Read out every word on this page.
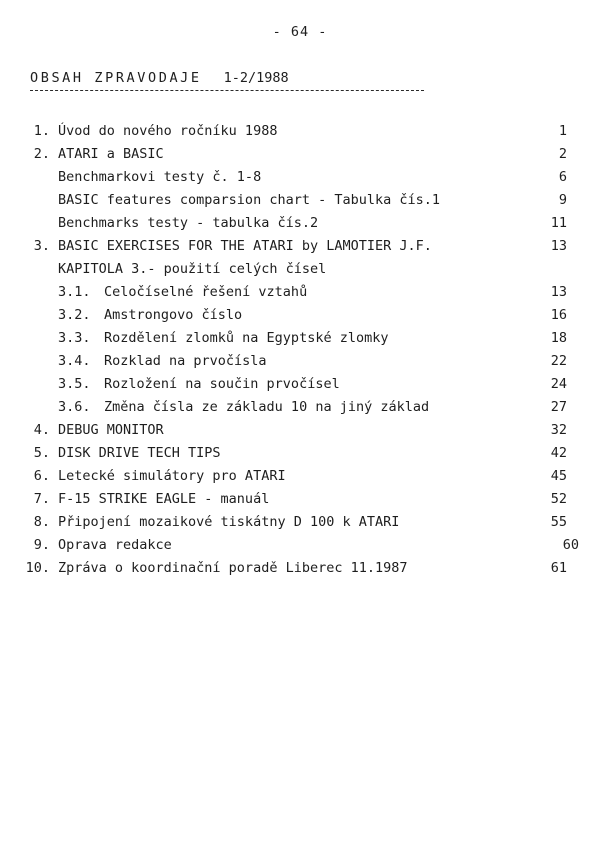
- 64 -
OBSAH ZPRAVODAJE 1-2/1988
1. Úvod do nového ročníku 1988	1
2. ATARI a BASIC	2
Benchmarkovi testy č. 1-8	6
BASIC features comparsion chart - Tabulka čís.1	9
Benchmarks testy - tabulka čís.2	11
3. BASIC EXERCISES FOR THE ATARI by LAMOTIER J.F.	13
KAPITOLA 3.- použití celých čísel
3.1. Celočíselné řešení vztahů	13
3.2. Amstrongovo číslo	16
3.3. Rozdělení zlomků na Egyptské zlomky	18
3.4. Rozklad na prvočísla	22
3.5. Rozložení na součin prvočísel	24
3.6. Změna čísla ze základu 10 na jiný základ	27
4. DEBUG MONITOR	32
5. DISK DRIVE TECH TIPS	42
6. Letecké simulátory pro ATARI	45
7. F-15 STRIKE EAGLE - manuál	52
8. Připojení mozaikové tiskátny D 100 k ATARI	55
9. Oprava redakce	60
10. Zpráva o koordinační poradě Liberec 11.1987	61
